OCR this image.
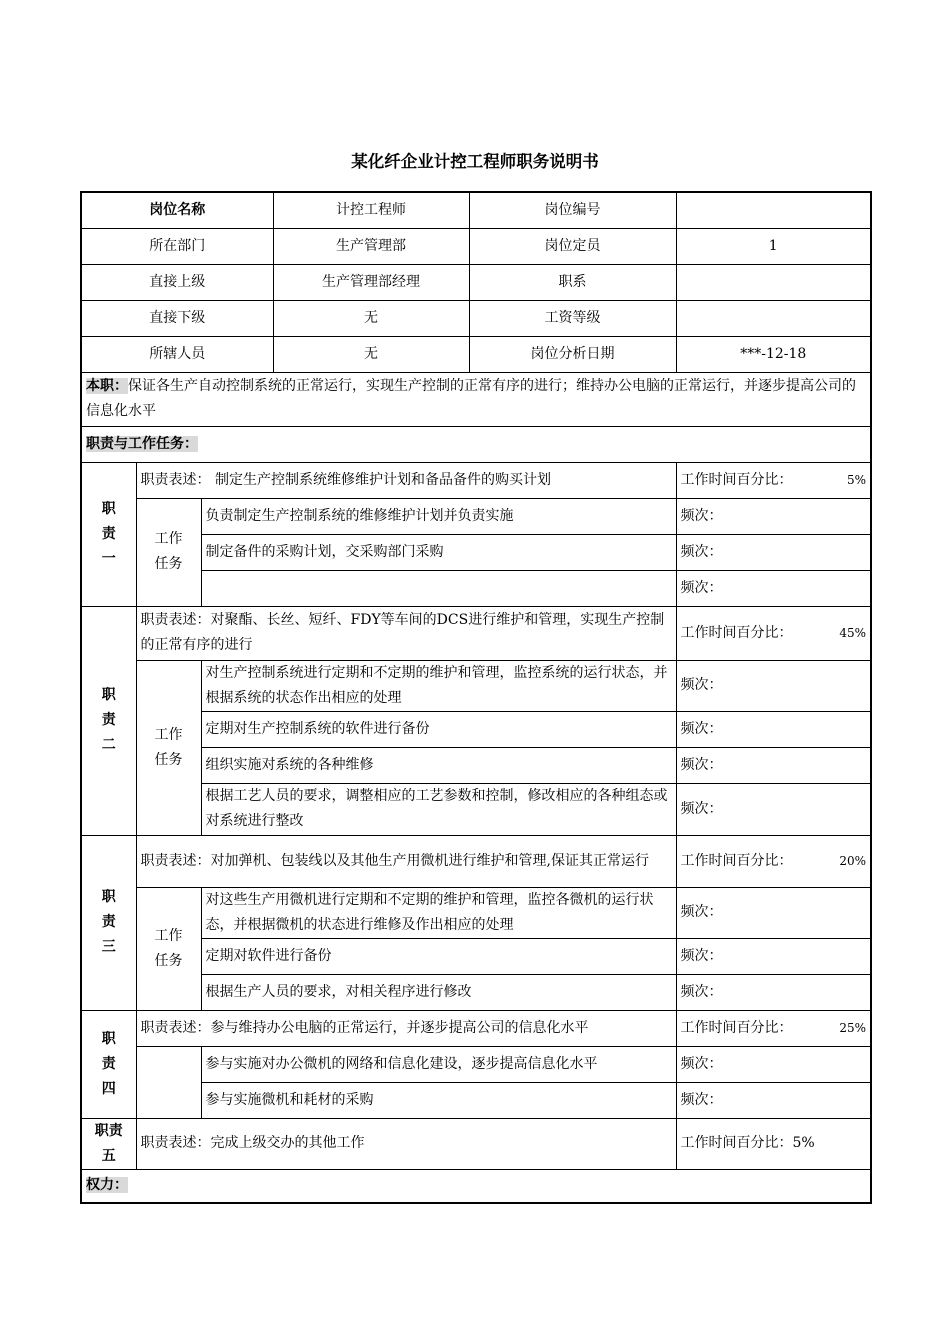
某化纤企业计控工程师职务说明书
岗位名称			计控工程师	岗位编号	
所在部门			生产管理部	岗位定员	1
直接上级			生产管理部经理	职系	
直接下级			无	工资等级	
所辖人员			无	岗位分析日期	***-12-18
本职：保证各生产自动控制系统的正常运行，实现生产控制的正常有序的进行；维持办公电脑的正常运行，并逐步提高公司的信息化水平					
职责与工作任务：					
职责一	职责表述： 制定生产控制系统维修维护计划和备品备件的购买计划				工作时间百分比： 5%

	工作任务	负责制定生产控制系统的维修维护计划并负责实施			频次：
		制定备件的采购计划，交采购部门采购			频次：
					频次：
职责二	职责表述：对聚酯、长丝、短纤、FDY等车间的DCS进行维护和管理，实现生产控制的正常有序的进行				工作时间百分比： 45%

	工作任务	对生产控制系统进行定期和不定期的维护和管理，监控系统的运行状态，并根据系统的状态作出相应的处理			频次：
		定期对生产控制系统的软件进行备份			频次：
		组织实施对系统的各种维修			频次：
		根据工艺人员的要求，调整相应的工艺参数和控制，修改相应的各种组态或对系统进行整改			频次：
职责三	职责表述：对加弹机、包装线以及其他生产用微机进行维护和管理,保证其正常运行				工作时间百分比： 20%

	工作任务	对这些生产用微机进行定期和不定期的维护和管理，监控各微机的运行状态，并根据微机的状态进行维修及作出相应的处理			频次：
		定期对软件进行备份			频次：
		根据生产人员的要求，对相关程序进行修改			频次：
职责四	职责表述：参与维持办公电脑的正常运行，并逐步提高公司的信息化水平				工作时间百分比： 25%

		参与实施对办公微机的网络和信息化建设，逐步提高信息化水平			频次：
		参与实施微机和耗材的采购			频次：
职责五	职责表述：完成上级交办的其他工作				工作时间百分比：5%
权力：					
